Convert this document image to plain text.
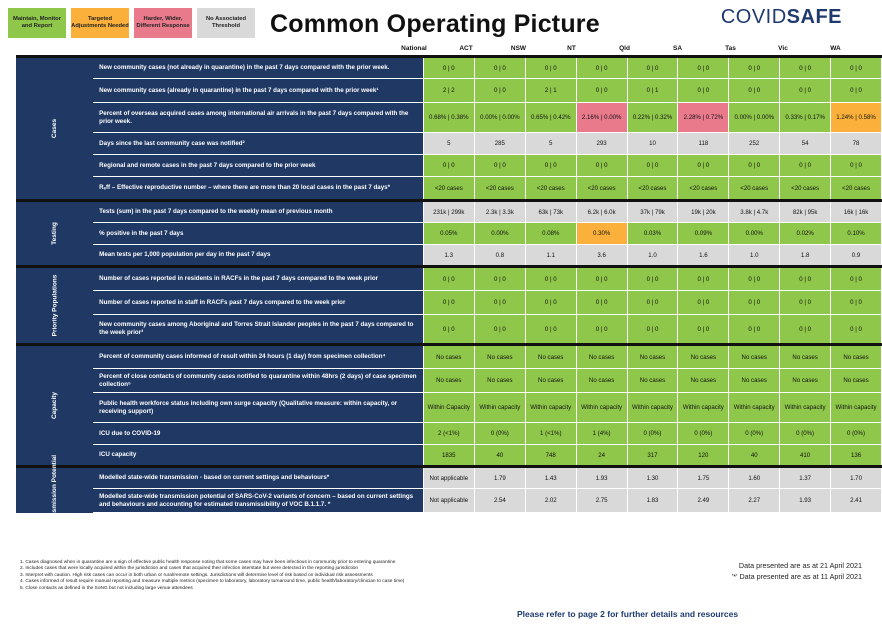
Maintain, Monitor and Report
Targeted Adjustments Needed
Harder, Wider, Different Response
No Associated Threshold	Common Operating Picture	COVIDSAFE
National	ACT	NSW	NT	Qld	SA	Tas	Vic	WA
Cases	New community cases (not already in quarantine) in the past 7 days compared with the prior week.	0 | 0	0 | 0	0 | 0	0 | 0	0 | 0	0 | 0	0 | 0	0 | 0	0 | 0
	New community cases (already in quarantine) in the past 7 days compared with the prior week¹	2 | 2	0 | 0	2 | 1	0 | 0	0 | 1	0 | 0	0 | 0	0 | 0	0 | 0
	Percent of overseas acquired cases among international air arrivals in the past 7 days compared with the prior week.	0.68% | 0.38%	0.00% | 0.00%	0.65% | 0.42%	2.16% | 0.00%	0.22% | 0.32%	2.28% | 0.72%	0.00% | 0.00%	0.33% | 0.17%	1.24% | 0.58%
	Days since the last community case was notified²	5	285	5	293	10	118	252	54	78
	Regional and remote cases in the past 7 days compared to the prior week	0 | 0	0 | 0	0 | 0	0 | 0	0 | 0	0 | 0	0 | 0	0 | 0	0 | 0
	Rₑff – Effective reproductive number – where there are more than 20 local cases in the past 7 days*	<20 cases	<20 cases	<20 cases	<20 cases	<20 cases	<20 cases	<20 cases	<20 cases	<20 cases
Testing	Tests (sum) in the past 7 days compared to the weekly mean of previous month	231k | 299k	2.3k | 3.3k	63k | 73k	6.2k | 6.0k	37k | 79k	19k | 20k	3.8k | 4.7k	82k | 95k	16k | 16k
	% positive in the past 7 days	0.05%	0.00%	0.08%	0.30%	0.03%	0.09%	0.00%	0.02%	0.10%
	Mean tests per 1,000 population per day in the past 7 days	1.3	0.8	1.1	3.6	1.0	1.6	1.0	1.8	0.9
Priority Populations	Number of cases reported in residents in RACFs in the past 7 days compared to the week prior	0 | 0	0 | 0	0 | 0	0 | 0	0 | 0	0 | 0	0 | 0	0 | 0	0 | 0
	Number of cases reported in staff in RACFs past 7 days compared to the week prior	0 | 0	0 | 0	0 | 0	0 | 0	0 | 0	0 | 0	0 | 0	0 | 0	0 | 0
	New community cases among Aboriginal and Torres Strait Islander peoples in the past 7 days compared to the week prior³	0 | 0	0 | 0	0 | 0	0 | 0	0 | 0	0 | 0	0 | 0	0 | 0	0 | 0
Capacity	Percent of community cases informed of result within 24 hours (1 day) from specimen collection⁴	No cases	No cases	No cases	No cases	No cases	No cases	No cases	No cases	No cases
	Percent of close contacts of community cases notified to quarantine within 48hrs (2 days) of case specimen collection⁵	No cases	No cases	No cases	No cases	No cases	No cases	No cases	No cases	No cases
	Public health workforce status including own surge capacity (Qualitative measure: within capacity, or receiving support)	Within Capacity	Within capacity	Within capacity	Within capacity	Within capacity	Within capacity	Within capacity	Within capacity	Within capacity
	ICU due to COVID-19	2 (<1%)	0 (0%)	1 (<1%)	1 (4%)	0 (0%)	0 (0%)	0 (0%)	0 (0%)	0 (0%)
	ICU capacity	1835	40	748	24	317	120	40	410	136
Transmission Potential	Modelled state-wide transmission - based on current settings and behaviours*	Not applicable	1.79	1.43	1.93	1.30	1.75	1.60	1.37	1.70
	Modelled state-wide transmission potential of SARS-CoV-2 variants of concern – based on current settings and behaviours and accounting for estimated transmissibility of VOC B.1.1.7. *	Not applicable	2.54	2.02	2.75	1.83	2.49	2.27	1.93	2.41
1. Cases diagnosed when in quarantine are a sign of effective public health response noting that some cases may have been infectious in community prior to entering quarantine
2. Includes cases that were locally acquired within the jurisdiction and cases that acquired their infection interstate but were detected in the reporting jurisdiction
3. Interpret with caution. High risk cases can occur in both urban or rural/remote settings. Jurisdictions will determine level of risk based on individual risk assessments
4. Cases informed of result require manual reporting and measure multiple metrics (specimen to laboratory, laboratory turnaround time, public health/laboratory/clinician to case time)
5. Close contacts as defined in the SoNG but not including large venue attendees
Data presented are as at 21 April 2021
'*' Data presented are as at 11 April 2021
Please refer to page 2 for further details and resources
